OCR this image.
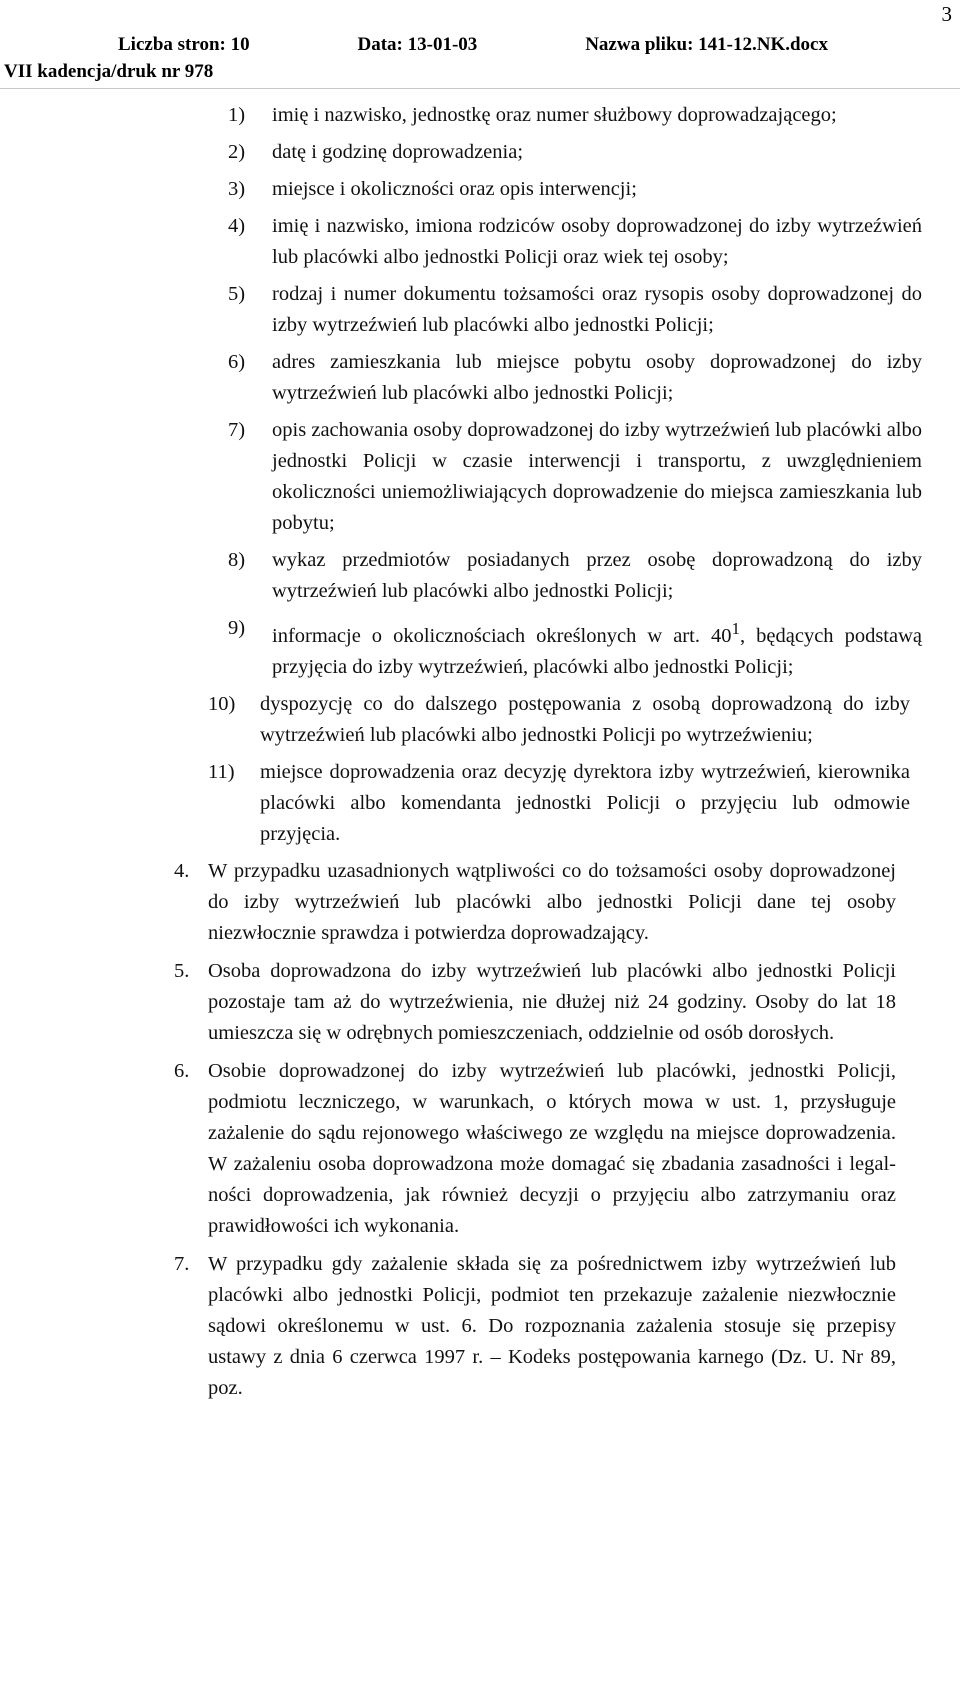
Liczba stron: 10	Data: 13-01-03	Nazwa pliku: 141-12.NK.docx
VII kadencja/druk nr 978
3
1) imię i nazwisko, jednostkę oraz numer służbowy doprowadzającego;
2) datę i godzinę doprowadzenia;
3) miejsce i okoliczności oraz opis interwencji;
4) imię i nazwisko, imiona rodziców osoby doprowadzonej do izby wytrzeźwień lub placówki albo jednostki Policji oraz wiek tej osoby;
5) rodzaj i numer dokumentu tożsamości oraz rysopis osoby doprowadzonej do izby wytrzeźwień lub placówki albo jednostki Policji;
6) adres zamieszkania lub miejsce pobytu osoby doprowadzonej do izby wytrzeźwień lub placówki albo jednostki Policji;
7) opis zachowania osoby doprowadzonej do izby wytrzeźwień lub placówki albo jednostki Policji w czasie interwencji i transportu, z uwzględnieniem okoliczności uniemożliwiających doprowadzenie do miejsca zamieszkania lub pobytu;
8) wykaz przedmiotów posiadanych przez osobę doprowadzoną do izby wytrzeźwień lub placówki albo jednostki Policji;
9) informacje o okolicznościach określonych w art. $40^1$, będących podstawą przyjęcia do izby wytrzeźwień, placówki albo jednostki Policji;
10) dyspozycję co do dalszego postępowania z osobą doprowadzoną do izby wytrzeźwień lub placówki albo jednostki Policji po wytrzeźwieniu;
11) miejsce doprowadzenia oraz decyzję dyrektora izby wytrzeźwień, kierownika placówki albo komendanta jednostki Policji o przyjęciu lub odmowie przyjęcia.
4. W przypadku uzasadnionych wątpliwości co do tożsamości osoby doprowadzonej do izby wytrzeźwień lub placówki albo jednostki Policji dane tej osoby niezwłocznie sprawdza i potwierdza doprowadzający.
5. Osoba doprowadzona do izby wytrzeźwień lub placówki albo jednostki Policji pozostaje tam aż do wytrzeźwienia, nie dłużej niż 24 godziny. Osoby do lat 18 umieszcza się w odrębnych pomieszczeniach, oddzielnie od osób dorosłych.
6. Osobie doprowadzonej do izby wytrzeźwień lub placówki, jednostki Policji, podmiotu leczniczego, w warunkach, o których mowa w ust. 1, przysługuje zażalenie do sądu rejonowego właściwego ze względu na miejsce doprowadzenia. W zażaleniu osoba doprowadzona może domagać się zbadania zasadności i legalności doprowadzenia, jak również decyzji o przyjęciu albo zatrzymaniu oraz prawidłowości ich wykonania.
7. W przypadku gdy zażalenie składa się za pośrednictwem izby wytrzeźwień lub placówki albo jednostki Policji, podmiot ten przekazuje zażalenie niezwłocznie sądowi określonemu w ust. 6. Do rozpoznania zażalenia stosuje się przepisy ustawy z dnia 6 czerwca 1997 r. – Kodeks postępowania karnego (Dz. U. Nr 89, poz.
